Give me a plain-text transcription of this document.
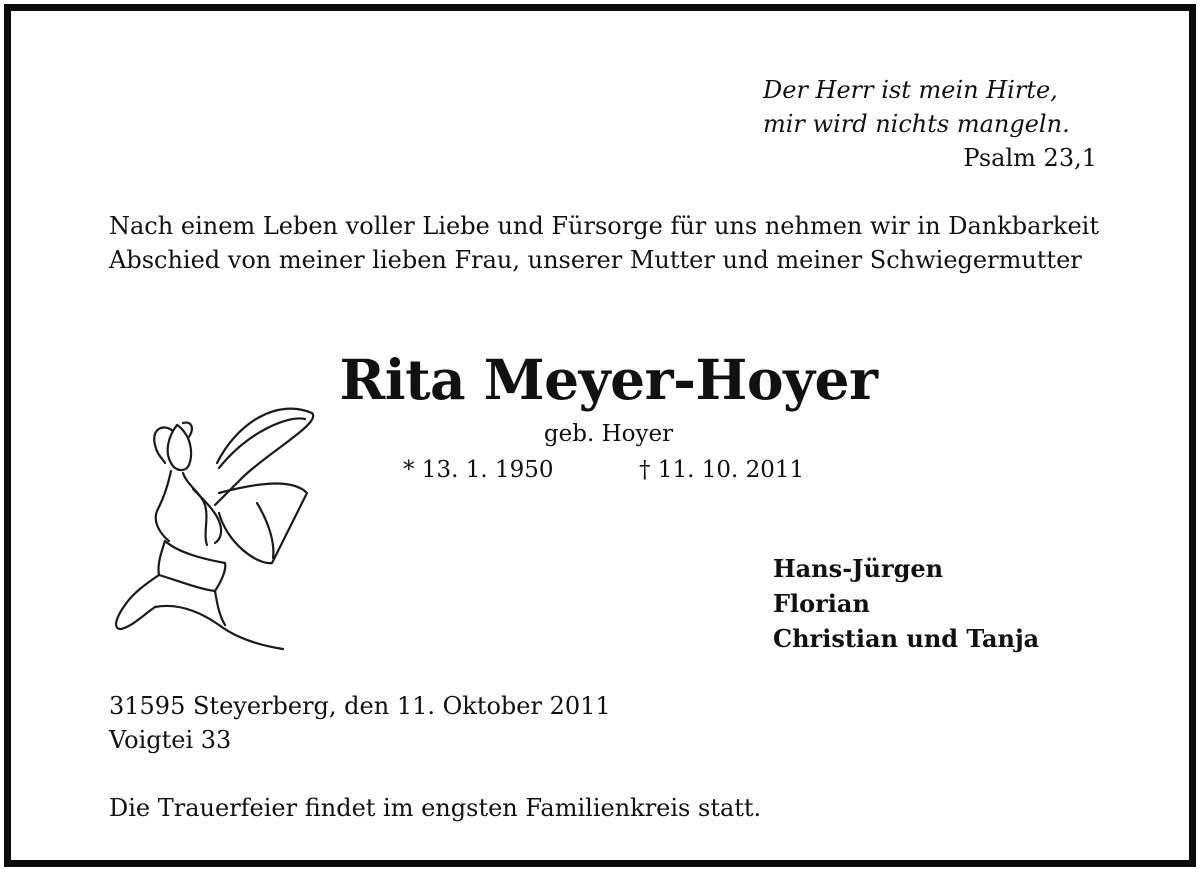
Der Herr ist mein Hirte,
mir wird nichts mangeln.
Psalm 23,1

Nach einem Leben voller Liebe und Fürsorge für uns nehmen wir in Dankbarkeit Abschied von meiner lieben Frau, unserer Mutter und meiner Schwiegermutter

Rita Meyer-Hoyer
geb. Hoyer
* 13. 1. 1950	† 11. 10. 2011
Hans-Jürgen
Florian
Christian und Tanja
31595 Steyerberg, den 11. Oktober 2011
Voigtei 33
Die Trauerfeier findet im engsten Familienkreis statt.
